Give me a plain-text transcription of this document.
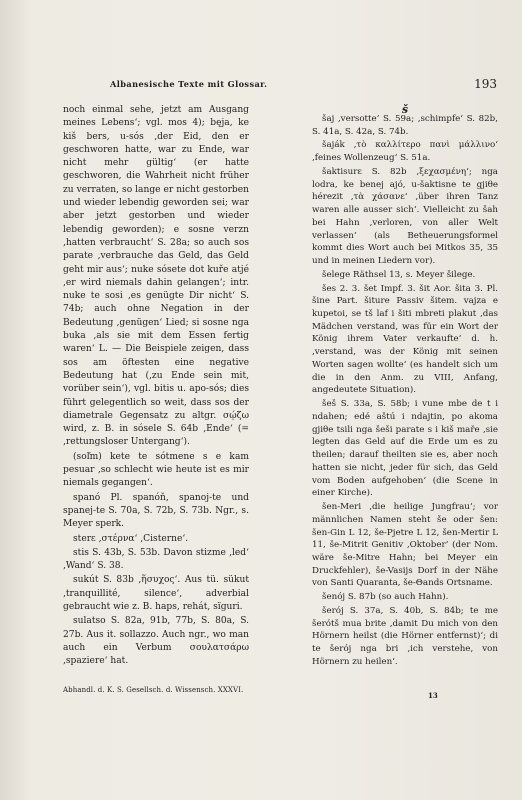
Albanesische Texte mit Glossar.	193

noch einmal sehe, jetzt am Ausgang meines Lebens‘; vgl. mos 4); bęja, ke kiš bers, u-sós ‚der Eid, den er geschworen hatte, war zu Ende, war nicht mehr gültig‘ (er hatte geschworen, die Wahrheit nicht früher zu verraten, so lange er nicht gestorben und wieder lebendig geworden sei; war aber jetzt gestorben und wieder lebendig geworden); e sosne verzn ‚hatten verbraucht‘ S. 28a; so auch sos parate ‚verbrauche das Geld, das Geld geht mir aus‘; nuke sósete dot kuře atjé ‚er wird niemals dahin gelangen‘; intr. nuke te sosi ‚es genügte Dir nicht‘ S. 74b; auch ohne Negation in der Bedeutung ‚genügen‘ Lied; si sosne nga buka ‚als sie mit dem Essen fertig waren‘ L. — Die Beispiele zeigen, dass sos am öftesten eine negative Bedeutung hat (‚zu Ende sein mit, vorüber sein‘), vgl. bitis u. apo-sós; dies führt gelegentlich so weit, dass sos der diametrale Gegensatz zu altgr. σῴζω wird, z. B. in sósele S. 64b ‚Ende‘ (= ‚rettungsloser Untergang‘).

(soľm) kete te sótmene s e kam pesuar ‚so schlecht wie heute ist es mir niemals gegangen‘.

spanó Pl. spanóň, spanoj-te und spanej-te S. 70a, S. 72b, S. 73b. Ngr., s. Meyer sperk.

sterε ‚στέρνα‘ ‚Cisterne‘.

stis S. 43b, S. 53b. Davon stizme ‚led‘ ‚Wand‘ S. 38.

sukút S. 83b ‚ἥσυχος‘. Aus tü. sükut ‚tranquillité, silence‘, adverbial gebraucht wie z. B. haps, rehát, sïguri.

sulatso S. 82a, 91b, 77b, S. 80a, S. 27b. Aus it. sollazzo. Auch ngr., wo man auch ein Verbum σουλατσάρω ‚spaziere‘ hat.

š

šaj ‚versotte‘ S. 59a; ‚schimpfe‘ S. 82b, S. 41a, S. 42a, S. 74b.

šaják ‚τὸ καλλίτερο πανὶ μάλλινο‘ ‚feines Wollenzeug‘ S. 51a.

šaktisurε S. 82b ‚ξεχασμένη‘; nga lodra, ke benej ajó, u-šaktisne te gjiθe hérezit ‚τὰ χάσανε‘ ‚über ihren Tanz waren alle ausser sich‘. Vielleicht zu šah bei Hahn ‚verloren, von aller Welt verlassen‘ (als Betheuerungsformel kommt dies Wort auch bei Mitkos 35, 35 und in meinen Liedern vor).

šelege Räthsel 13, s. Meyer šilege.

šes 2. 3. šet Impf. 3. šit Aor. šita 3. Pl. šine Part. šiture Passiv šitem. vajza e kupetoi, se tš laf i šiti mbreti plakut ‚das Mädchen verstand, was für ein Wort der König ihrem Vater verkaufte‘ d. h. ‚verstand, was der König mit seinen Worten sagen wollte‘ (es handelt sich um die in den Anm. zu VIII, Anfang, angedeutete Situation).

šeš S. 33a, S. 58b; i vune mbe de t i ndahen; edé aštú i ndajtin, po akoma gjiθe tsili nga šeši parate s i kiš maře ‚sie legten das Geld auf die Erde um es zu theilen; darauf theilten sie es, aber noch hatten sie nicht, jeder für sich, das Geld vom Boden aufgehoben‘ (die Scene in einer Kirche).

šen-Meri ‚die heilige Jungfrau‘; vor männlichen Namen steht še oder šen: šen-Gin L 12, še-Pjetre L 12, šen-Mertir L 11, še-Mitrit Genitiv ‚Oktober‘ (der Nom. wäre še-Mitre Hahn; bei Meyer ein Druckfehler), še-Vasijs Dorf in der Nähe von Santi Quaranta, še-Θands Ortsname.

šenój S. 87b (so auch Hahn).

šerój S. 37a, S. 40b, S. 84b; te me šerótš mua brite ‚damit Du mich von den Hörnern heilst (die Hörner entfernst)‘; di te šerój nga bri ‚ich verstehe, von Hörnern zu heilen‘.

Abhandl. d. K. S. Gesellsch. d. Wissensch. XXXVI.
13
